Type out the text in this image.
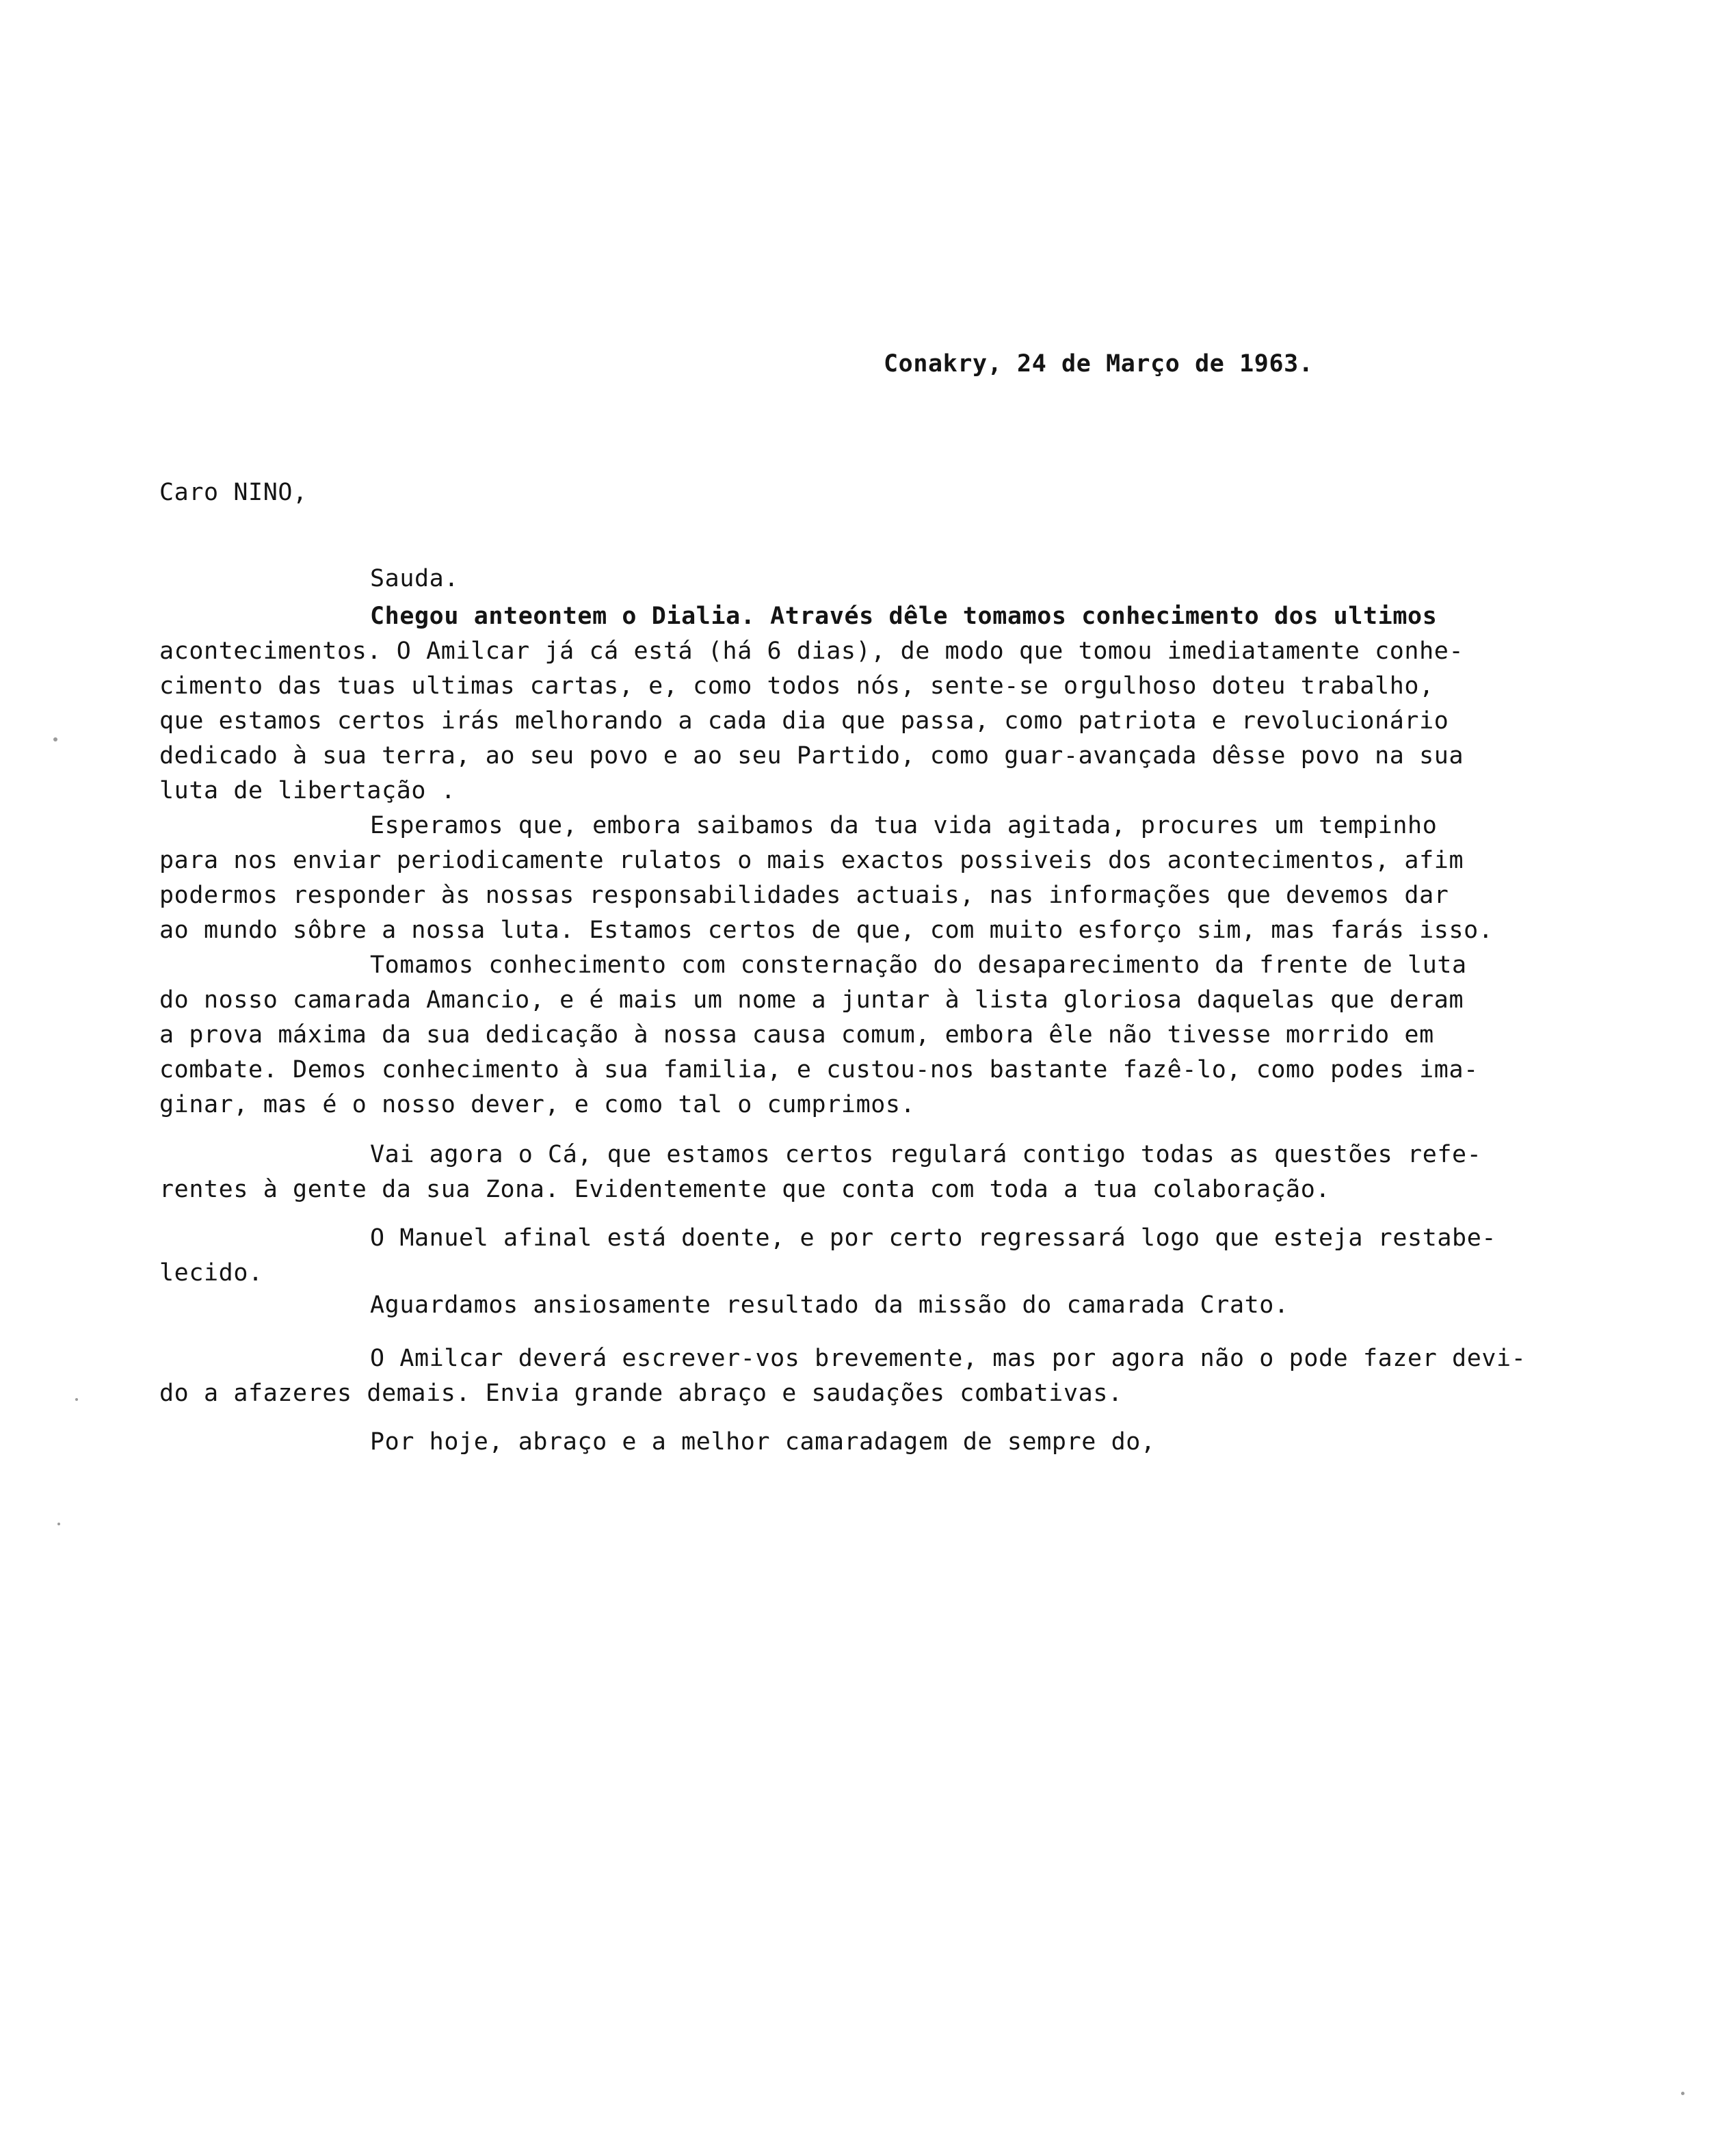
Conakry, 24 de Março de 1963.
Caro NINO,
Sauda.
Chegou anteontem o Dialia. Através dêle tomamos conhecimento dos ultimos
acontecimentos. O Amilcar já cá está (há 6 dias), de modo que tomou imediatamente conhe-
cimento das tuas ultimas cartas, e, como todos nós, sente-se orgulhoso doteu trabalho,
que estamos certos irás melhorando a cada dia que passa, como patriota e revolucionário
dedicado à sua terra, ao seu povo e ao seu Partido, como guar-avançada dêsse povo na sua
luta de libertação .
Esperamos que, embora saibamos da tua vida agitada, procures um tempinho
para nos enviar periodicamente rulatos o mais exactos possiveis dos acontecimentos, afim
podermos responder às nossas responsabilidades actuais, nas informações que devemos dar
ao mundo sôbre a nossa luta. Estamos certos de que, com muito esforço sim, mas farás isso.
Tomamos conhecimento com consternação do desaparecimento da frente de luta
do nosso camarada Amancio, e é mais um nome a juntar à lista gloriosa daquelas que deram
a prova máxima da sua dedicação à nossa causa comum, embora êle não tivesse morrido em
combate. Demos conhecimento à sua familia, e custou-nos bastante fazê-lo, como podes ima-
ginar, mas é o nosso dever, e como tal o cumprimos.
Vai agora o Cá, que estamos certos regulará contigo todas as questões refe-
rentes à gente da sua Zona. Evidentemente que conta com toda a tua colaboração.
O Manuel afinal está doente, e por certo regressará logo que esteja restabe-
lecido.
Aguardamos ansiosamente resultado da missão do camarada Crato.
O Amilcar deverá escrever-vos brevemente, mas por agora não o pode fazer devi-
do a afazeres demais. Envia grande abraço e saudações combativas.
Por hoje, abraço e a melhor camaradagem de sempre do,
